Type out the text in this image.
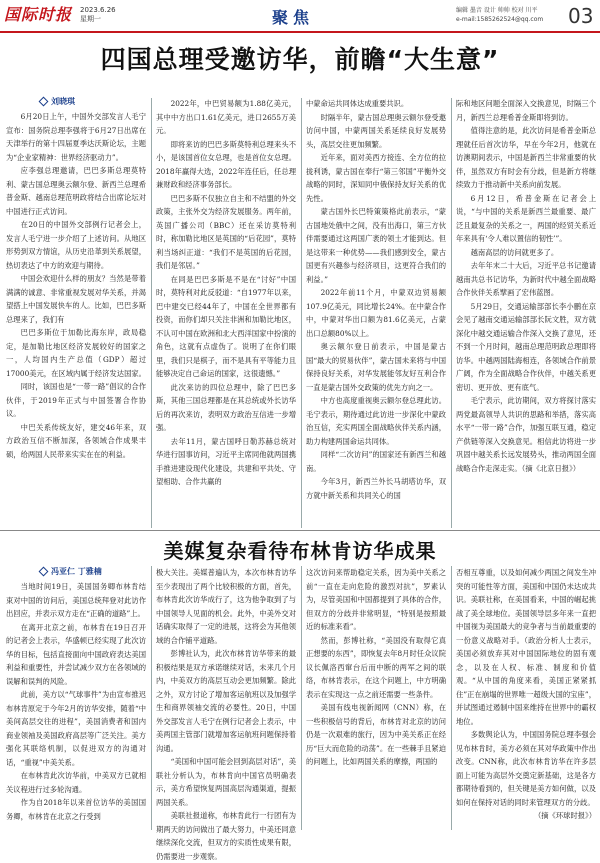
国际时报 2023.6.26
星期一	聚焦	编辑 墨音 设计 帅帅 校对 川平
e-mail:1585262524@qq.com 03
四国总理受邀访华，前瞻“大生意”
刘晓琪

6月20日上午，中国外交部发言人毛宁宣布：国务院总理李强将于6月27日出席在天津举行的第十四届夏季达沃斯论坛，主题为“企业家精神：世界经济驱动力”。

应李强总理邀请，巴巴多斯总理莫特利、蒙古国总理奥云额尔登、新西兰总理希普金斯、越南总理范明政将结合出席论坛对中国进行正式访问。

在20日的中国外交部例行记者会上，发言人毛宁进一步介绍了上述访问。从地区形势到双方情谊，从历史沿革到关系展望，热切表达了中方的欢迎与期待。

中国会欢迎什么样的朋友？当然是带着满满的诚意、非常重视发展对华关系，并渴望搭上中国发展快车的人。比如，巴巴多斯总理来了，我们有

巴巴多斯位于加勒比海东岸，政局稳定，是加勒比地区经济发展较好的国家之一，人均国内生产总值（GDP）超过17000美元，在区域内属于经济发达国家。

同时，该国也是“一带一路”倡议的合作伙伴，于2019年正式与中国签署合作协议。

中巴关系传统友好，建交46年来，双方政治互信不断加深，各领域合作成果丰硕，给两国人民带来实实在在的利益。

2022年，中巴贸易额为1.88亿美元，其中中方出口1.61亿美元，进口2655万美元。

即将来访的巴巴多斯莫特利总理来头不小，是该国首位女总理，也是首位女总理。2018年赢得大选，2022年连任后，任总理兼财政和经济事务部长。

巴巴多斯不仅独立自主和不结盟的外交政策，主张外交为经济发展服务。两年前，英国广播公司（BBC）还在采访莫特利时，称加勒比地区是英国的“后花园”，莫特利当场纠正道：“我们不是英国的后花园，我们是邻居。”

在同是巴巴多斯是不是在“讨好”中国时，莫特利对此反驳道：“自1977年以来，巴中建交已经44年了，中国在全世界都有投资，而你们却只关注非洲和加勒比地区，不认可中国在欧洲和北大西洋国家中扮演的角色，这就有点虚伪了。说明了在你们眼里，我们只是棋子，而不是具有平等能力且能够决定自己命运的国家，这很遗憾。”

此次来访的四位总理中，除了巴巴多斯，其他三国总理都是在其总统或外长访华后的再次来访，表明双方政治互信进一步增强。

去年11月，蒙古国呼日勒苏赫总统对华进行国事访问，习近平主席同他就两国携手推进建设现代化建设，共建和平共处、守望相助、合作共赢的

中蒙命运共同体达成重要共识。

时隔半年，蒙古国总理奥云额尔登受邀访问中国，中蒙两国关系延续良好发展势头，高层交往更加频繁。

近年来，面对美西方接连、全方位的拉拢利诱，蒙古国在奉行“第三邻国”平衡外交战略的同时，深知同中俄保持友好关系的优先性。

蒙古国外长巴特策策格此前表示，“蒙古国地处俄中之间，没有出海口，第三方伙伴需要通过这两国广袤的领土才能到达。但是这带来一种优势——我们感到安全，蒙古国更有兴趣参与经济项目，这更符合我们的利益。”

2022年前11个月，中蒙双边贸易额107.9亿美元，同比增长24%。在中蒙合作中，中蒙对华出口额为81.6亿美元，占蒙出口总额80%以上。

奥云额尔登日前表示，中国是蒙古国“最大的贸易伙伴”，蒙古国未来将与中国保持良好关系，对华发展能邻友好互利合作一直是蒙古国外交政策的优先方向之一。

中方也高度重视奥云额尔登总理此访。毛宁表示，期待通过此访进一步深化中蒙政治互信，充实两国全面战略伙伴关系内涵，助力构建两国命运共同体。

同样“二次访问”的国家还有新西兰和越南。

今年3月，新西兰外长马胡塔访华，双方就中新关系和共同关心的国

际和地区问题全面深入交换意见，时隔三个月，新西兰总理希普金斯即将到访。

值得注意的是，此次访问是希普金斯总理就任后首次访华，早在今年2月，他就在访澳期间表示，中国是新西兰非常重要的伙伴，虽然双方有时会有分歧，但是新方将继续致力于推动新中关系向前发展。

6月12日，希普金斯在记者会上说，“与中国的关系是新西兰最重要、最广泛且最复杂的关系之一，两国的经贸关系近年来具有‘令人难以置信的韧性’”。

越南高层的访问就更多了。

去年年末二十大后，习近平总书记邀请越南共总书记访华，为新时代中越全面战略合作伙伴关系擘画了宏伟蓝图。

5月29日，交通运输部部长李小鹏在京会见了越南交通运输部部长阮文胜，双方就深化中越交通运输合作深入交换了意见，还不到一个月时间，越南总理范明政总理即将访华。中越两国陆海相连，各领域合作前景广阔，作为全面战略合作伙伴，中越关系更密切、更开放、更有底气。

毛宁表示，此访期间，双方将探讨落实两党最高领导人共识的思路和举措，落实高水平“一带一路”合作，加强互联互通，稳定产供链等深入交换意见。相信此访将进一步巩固中越关系长远发展势头，推动两国全面战略合作走深走实。（摘《北京日报》）

美媒复杂看待布林肯访华成果
冯亚仁 丁雅楠

当地时间19日，美国国务卿布林肯结束对中国的访问后，美国总统拜登对此访作出回应，并表示双方走在“正确的道路”上。

在离开北京之前，布林肯在19日召开的记者会上表示，华盛顿已经实现了此次访华的目标，包括直接面向中国政府表达美国利益和重要性，并尝试减少双方在各领域的误解和误判的风险。

此前，美方以“气球事件”为由宣布推迟布林肯原定于今年2月的访华安排，随着“中美间高层交往的进程”，美国消费者和国内商业领袖及美国政府高层等广泛关注。美方强化其联络机制，以促进双方的沟通对话，“重视”中美关系。

在布林肯此次访华前，中美双方已就相关议程进行过多轮沟通。

作为自2018年以来首位访华的美国国务卿，布林肯在北京之行受到

极大关注。美媒普遍认为，本次布林肯访华至少表现出了两个比较积极的方面，首先，布林肯此次访华成行了，这为他争取到了与中国领导人见面的机会。此外，中美外交对话确实取得了一定的进展，这将会为其他领域的合作铺平道路。

彭博社认为，此次布林肯访华带来的最积极结果是双方承诺继续对话，未来几个月内，中美双方的高层互动会更加频繁。除此之外，双方讨论了增加客运航班以及加强学生和商界领袖交流的必要性。20日，中国外交部发言人毛宁在例行记者会上表示，中美两国主管部门就增加客运航班问题保持着沟通。

“美国和中国可能会回到高层对话”，美联社分析认为，布林肯向中国官员明确表示，美方希望恢复两国高层沟通渠道，提振两国关系。

美联社报道称，布林肯此行一行团有为期两天的访问做出了最大努力，中美还同意继续深化交流，但双方的实质性成果有限，仍需要进一步观察。

这次访问来帮助稳定关系，因为美中关系之前“一直在走向危险的激烈对抗”，罗素认为，尽管美国和中国都提到了具体的合作，但双方的分歧并非常明显，“特别是按照最近的标准来看”。

然而，彭博社称，“美国没有取得它真正想要的东西”，即恢复去年8月时任众议院议长佩洛西窜台后而中断的两军之间的联络，布林肯表示，在这个问题上，中方明确表示在实现这一点之前还需要一些条件。

美国有线电视新闻网（CNN）称，在一些积极信号的背后，布林肯对北京的访问仍是一次艰难的旅行，因为中美关系正在经历“巨大而危险的动荡”。在一些棘手且紧迫的问题上，比如两国关系的摩擦，两国的

否相互尊重，以及如何减少两国之间发生冲突的可能性等方面，美国和中国仍未达成共识。美联社称，在美国看来，中国的崛起挑战了美全球地位。美国领导层多年来一直把中国视为美国最大的竞争者与当前最重要的一份意义战略对手。（政治分析人士表示，美国必须放弃其对中国国际地位的固有观念，以及在人权、标准、制度和价值观。“从中国的角度来看，美国正紧紧抓住”正在崩塌的世界唯一超级大国的宝座”，并试图通过遏制中国来维持在世界中的霸权地位。

多数舆论认为，中国国务院总理李强会见布林肯时，美方必须在其对华政策中作出改变。CNN称，此次布林肯访华在许多层面上可能为高层外交奠定新基础，这是各方都期待看到的，但关键是美方如何做，以及如何在保持对话的同时来管理双方的分歧。

（摘《环球时报》）
